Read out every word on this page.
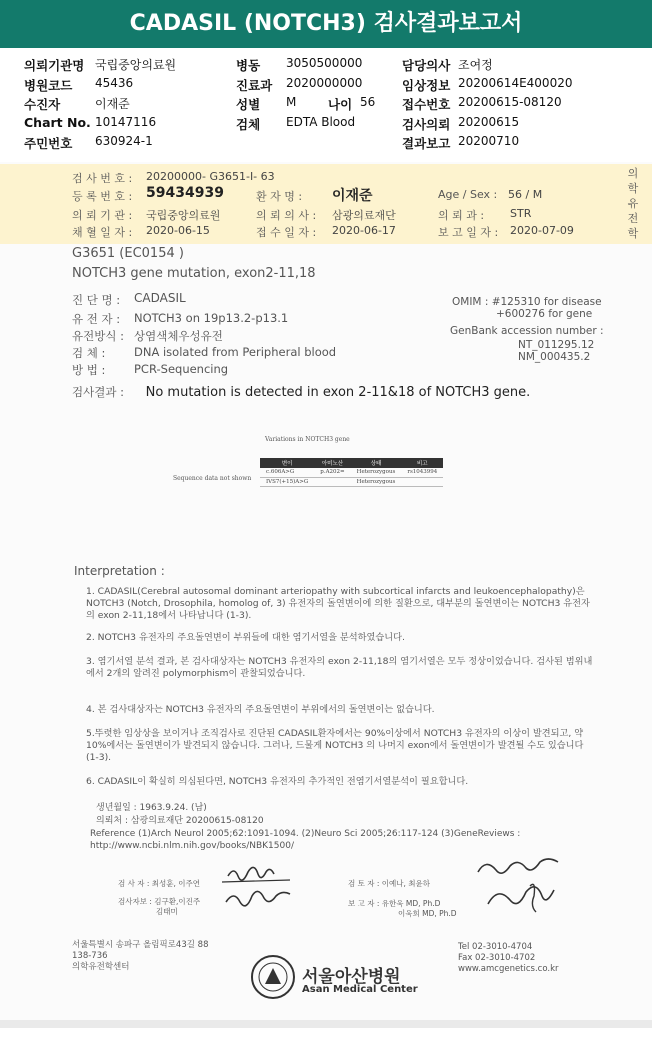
CADASIL (NOTCH3) 검사결과보고서
의뢰기관명 국립중앙의료원	병동 3050500000	담당의사 조여정
병원코드 45436	진료과 2020000000	임상정보 20200614E400020
수진자	이재준	성별 M	나이 56 접수번호 20200615-08120
Chart No. 10147116	검체 EDTA Blood	검사의뢰 20200615
주민번호 630924-1	결과보고 20200710
검 사 번 호 : 20200000- G3651-I- 63
등 록 번 호 : 59434939	환 자 명 : 이재준	Age / Sex : 56 / M
의 뢰 기 관 : 국립중앙의료원	의 뢰 의 사 : 삼광의료재단	의 뢰 과 : STR
채 혈 일 자 : 2020-06-15	접 수 일 자 : 2020-06-17	보 고 일 자 : 2020-07-09
의학유전학
G3651 (EC0154 )
NOTCH3 gene mutation, exon2-11,18
진 단 명 : CADASIL
유 전 자 : NOTCH3 on 19p13.2-p13.1
유전방식 : 상염색체우성유전
검 체 : DNA isolated from Peripheral blood
방 법 : PCR-Sequencing
OMIM : #125310 for disease
+600276 for gene
GenBank accession number :
NT_011295.12
NM_000435.2
검사결과 : No mutation is detected in exon 2-11&18 of NOTCH3 gene.
Variations in NOTCH3 gene
Sequence data not shown
변이	아미노산	상태	비고
c.606A>G	p.A202=	Heterozygous	rs1043994
IVS7(+15)A>G		Heterozygous	
Interpretation :
1. CADASIL(Cerebral autosomal dominant arteriopathy with subcortical infarcts and leukoencephalopathy)은 NOTCH3 (Notch, Drosophila, homolog of, 3) 유전자의 돌연변이에 의한 질환으로, 대부분의 돌연변이는 NOTCH3 유전자의 exon 2-11,18에서 나타납니다 (1-3).
2. NOTCH3 유전자의 주요돌연변이 부위들에 대한 염기서열을 분석하였습니다.
3. 염기서열 분석 결과, 본 검사대상자는 NOTCH3 유전자의 exon 2-11,18의 염기서열은 모두 정상이었습니다. 검사된 범위내에서 2개의 알려진 polymorphism이 관찰되었습니다.
4. 본 검사대상자는 NOTCH3 유전자의 주요돌연변이 부위에서의 돌연변이는 없습니다.
5.뚜렷한 임상상을 보이거나 조직검사로 진단된 CADASIL환자에서는 90%이상에서 NOTCH3 유전자의 이상이 발견되고, 약 10%에서는 돌연변이가 발견되지 않습니다. 그러나, 드물게 NOTCH3 의 나머지 exon에서 돌연변이가 발견될 수도 있습니다 (1-3).
6. CADASIL이 확실히 의심된다면, NOTCH3 유전자의 추가적인 전염기서열분석이 필요합니다.
생년월일 : 1963.9.24. (남)
의뢰처 : 삼광의료재단 20200615-08120
Reference (1)Arch Neurol 2005;62:1091-1094. (2)Neuro Sci 2005;26:117-124 (3)GeneReviews :
http://www.ncbi.nlm.nih.gov/books/NBK1500/
검 사 자 : 최성훈, 이주연
검사자보 : 김구환,이진주
김태미
검 토 자 : 이예나, 최윤하
보 고 자 : 유한욱 MD, Ph.D
이욱희 MD, Ph.D
서울특별시 송파구 올림픽로43길 88
138-736
의학유전학센터	서울아산병원
Asan Medical Center
Tel 02-3010-4704
Fax 02-3010-4702
www.amcgenetics.co.kr
